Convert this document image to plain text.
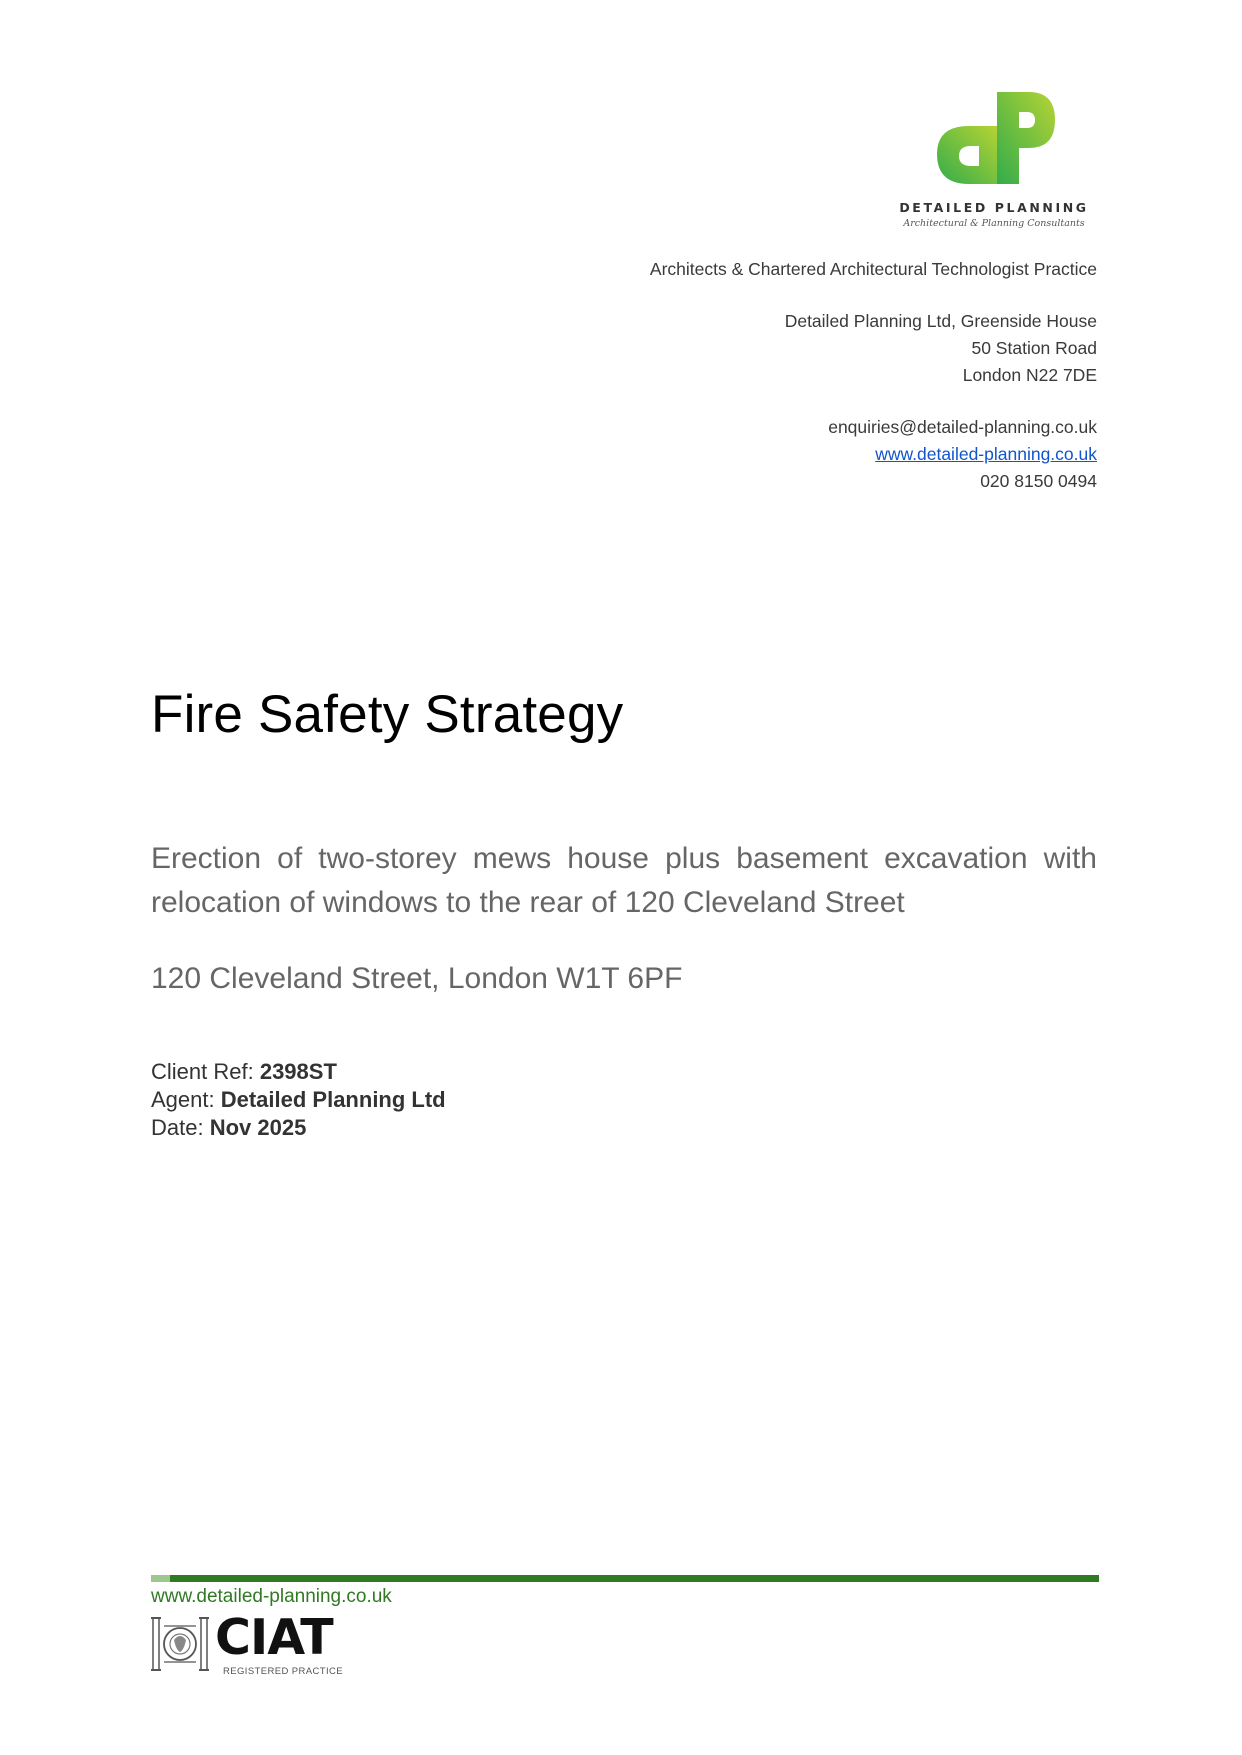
DETAILED PLANNING
Architectural & Planning Consultants
Architects & Chartered Architectural Technologist Practice
Detailed Planning Ltd, Greenside House
50 Station Road
London N22 7DE
enquiries@detailed-planning.co.uk
www.detailed-planning.co.uk
020 8150 0494
Fire Safety Strategy

Erection of two-storey mews house plus basement excavation with relocation of windows to the rear of 120 Cleveland Street

120 Cleveland Street, London W1T 6PF

Client Ref: 2398ST
Agent: Detailed Planning Ltd
Date: Nov 2025
www.detailed-planning.co.uk
CIAT
REGISTERED PRACTICE
